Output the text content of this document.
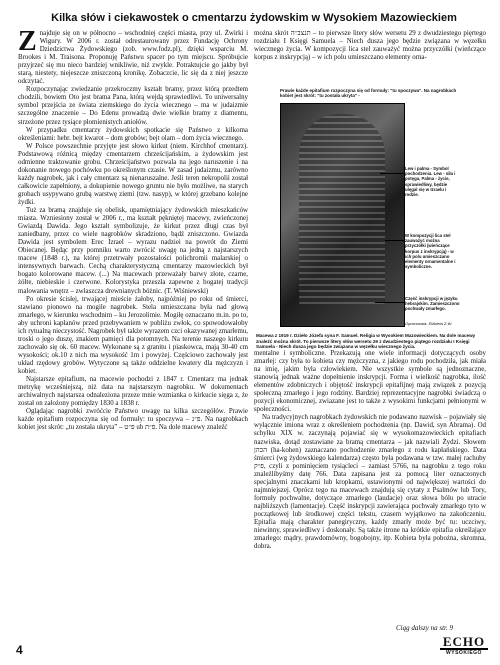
Kilka słów i ciekawostek o cmentarzu żydowskim w Wysokiem Mazowieckiem

Znajduje się on w północno – wschodniej części miasta, przy ul. Żwirki i Wigury. W 2006 r. został odrestaurowany przez Fundację Ochrony Dziedzictwa Żydowskiego (zob. www.fodz.pl), dzięki wsparciu M. Brookes i M. Traisona. Proponuję Państwu spacer po tym miejscu. Spróbujcie przyjrzeć się mu nieco bardziej wnikliwie, niż zwykle. Potraktujcie go jakby był starą, niestety, niejeszcze zniszczoną kronikę. Zobaczcie, lic się da z niej jeszcze odczytać.

Rozpoczynając zwiedzanie przekroczmy kształt bramy, przez którą przedtem chodzili, bowiem Oto jest brama Pana, którą wejdą sprawiedliwi. To uniwersalny symbol przejścia ze świata ziemskiego do życia wiecznego – ma w judaizmie szczególne znaczenie – Do Edenu prowadzą dwie wielkie bramy z diamentu, strzeżone przez tysiące płomienistych aniołów.

W przypadku cmentarzy żydowskich spotkacie się Państwo z kilkoma określeniami: hebr. bejt kwarot – dom grobów; bejt olam – dom życia wiecznego.

W Polsce powszechnie przyjęte jest słowo kirkut (niem. Kirchhof cmentarz). Podstawową różnicą między cmentarzem chrześcijańskim, a żydowskim jest odmienne traktowanie grobu. Chrześcijaństwo pozwala na jego naruszenie i na dokonanie nowego pochówku po określonym czasie. W zasad judaizmu, zarówno każdy nagrobek, jak i cały cmentarz są nienaruszalne. Jeśli teren nekropolii został całkowicie zapełniony, a dokupienie nowego gruntu nie było możliwe, na starych grobach usypywano grubą warstwę ziemi (tzw. nasyp), w której grzebano kolejne żydki.

Tuż za bramą znajduje się obelisk, upamiętniający żydowskich mieszkańców miasta. Wzniesiony został w 2006 r., ma kształt pękniętej macewy, zwieńczonej Gwiazdą Dawida. Jego kształt symbolizuje, że kirkut przez długi czas był zaniedbany, przez co wiele nagrobków skradziono, bądź zniszczono. Gwiazda Dawida jest symbolem Erec Izrael – wyrazu nadziei na powrót do Ziemi Obiecanej. Będąc przy pomniku warto zwrócić uwagę na jedną z najstarszych macew (1848 r.), na której przetrwały pozostałości polichromii malarskiej o intensywnych barwach. Cechą charakterystyczną cmentarzy mazowieckich był bogato kolorowane macew. (...) Na macewach przeważały barwy złote, czarne, żółte, niebieskie i czerwone. Kolorystyka przeszła zapewne z bogatej tradycji malowania wnętrz – zwłaszcza drewnianych bóżnic. (T. Wiśniewski)

Po okresie ścisłej, trwającej mieście żałoby, najpóźniej po roku od śmierci, stawiano pionowo na mogile nagrobek. Stela umieszczana była nad głową zmarłego, w kierunku wschodnim – ku Jerozolimie. Mogiłę oznaczano m.in. po to, aby uchroni kapłanów przed przebywaniem w pobliżu zwłok, co spowodowałoby ich rytualną nieczystość. Nagrobek był także wyrazem czci okazywanej zmarłemu, troski o jego duszę, znakiem pamięci dla potomnych. Na terenie naszego kirkutu zachowało się ok. 60 macew. Wykonane są z granitu i piaskowca, mają 30-40 cm wysokości; ok.10 z nich ma wysokość 1m i powyżej. Częściowo zachowały jest układ rzędowy grobów. Wytyczone są także oddzielne kwatery dla mężczyzn i kobiet.

Najstarsze epitafium, na macewie pochodzi z 1847 r. Cmentarz ma jednak metrykę wcześniejszą, niż data na najstarszym nagrobku. W dokumentach archiwalnych najstarsza odnaleziona przeze mnie wzmianka o kirkucie sięga z, że został on założony pomiędzy 1830 a 1838 r.

Oglądając nagrobki zwróćcie Państwo uwagę na kilka szczegółów. Prawie każde epitafium rozpoczyna się od formuły: tu spoczywa – פ״נ. Na nagrobkach kobiet jest skrót: „tu została ukryta” – פ״ט ub פ״ת. Na dole macewy znaleźć

można skrót תנצב״ה – to pierwsze litery słów wersetu 29 z dwudziestego pięrtego rozdziału I Księgi Samuela – Niech dusza jego będzie związana w węzełku wiecznego życia. W kompozycji lica stel zauważyć można przyczółki (wieńczące korpus z inskrypcją) – w ich polu umieszczano elementy orna-

Prawie każde epitafium rozpoczyna się od formuły: "tu spoczywa". Na nagrobkach kobiet jest skrót: "tu została ukryta" -
Lew i palma - Symbol pochodzenia. Lew - siła i potęga, Palma - życie, sprawiedliwy, będzie ulęgal się w Izraelu i rodzie.
W kompozycji lica stel zauważyć można przyczółki (wieńczące korpus z inskrypcją) - w ich polu umieszczano elementy ornamentalne i symboliczne.
Część inskrypcji w języku hebrajskim. Zamieszczono pochwały zmarłego.
Opracowała: Elżbieta Z.W.
Macewa z 1919 r. Dzieło Józefa syna F. Samuel. Religia w Wysokiem Mazowieckiem. Na dole macewy znaleźć można skrót. To pierwsze litery słów wersetu 29 z dwudziestego piątego rozdziału I Księgi Samuela - Niech dusza jego będzie związana w węzełku wiecznego życia.

mentalne i symboliczne. Przekazują one wiele informacji dotyczących osoby zmarłej: czy była to kobieta czy mężczyzna, z jakiego rodu pochodziła, jak miała na imię, jakim była człowiekiem. Nie wszystkie symbole są jednoznaczne, stanowią jednak ważne dopełnienie inskrypcji. Forma i wielkość nagrobka, ilość elementów zdobniczych i objętość inskrypcji epitafijnej mają związek z pozycją społeczną zmarłego i jego rodziny. Bardziej reprezentacyjne nagrobki świadczą o pozycji ekonomicznej, zwiazane jest to także z wysokimi funkcjami pełnionymi w społeczności.

Na tradycyjnych nagrobkach żydowskich nie podawano nazwisk – pojawiały się wyłącznie imiona wraz z określeniem pochodzenia (np. Dawid, syn Abrama). Od schyłku XIX w. zaczynają pojawiać się w wysokomazowieckich epitafiach nazwiska, dotąd zostawiane za bramą cmentarza – jak nazwiali Żydzi. Słowem הכהן (ha-kohen) zaznaczano pochodzenie zmarłego z rodu kapłańskiego. Data śmierci (wg żydowskiego kalendarza) często była podawana w tzw. małej rachuby פ״ק, czyli z pominięciem tysiącleci – zamiast 5766, na nagrobku z tego roku znaleźlibyśmy datę 766. Data zapisana jest za pomocą liter oznaczonych specjalnymi znaczkami lub kropkami, ustawionymi od największej wartości do najmniejszej. Oprócz tego na macewach znajdują się cytaty z Psalmów lub Tory, formuły pochwalne, dotyczące zmarłego (laudacje) oraz słowa bólu po utracie najbliższych (lamentacje). Część inskrypcji zawierająca pochwały zmarłego tyto w początkowej lub środkowej części tekstu, czasem wyjątkowo na zakończeniu. Epitafia mają charakter panegiryczny, każdy zmarły może być tu: uczciwy, niewinny, sprawiedliwy i doskonały. Są także itrone na krótkie epitafia określające zmarłego: mądry, prawdomówny, bogobojny, itp. Kobieta była pobożna, skromna, dobra.

Ciąg dalszy na str. 9
4
ECHO
WYSOKIEGO
